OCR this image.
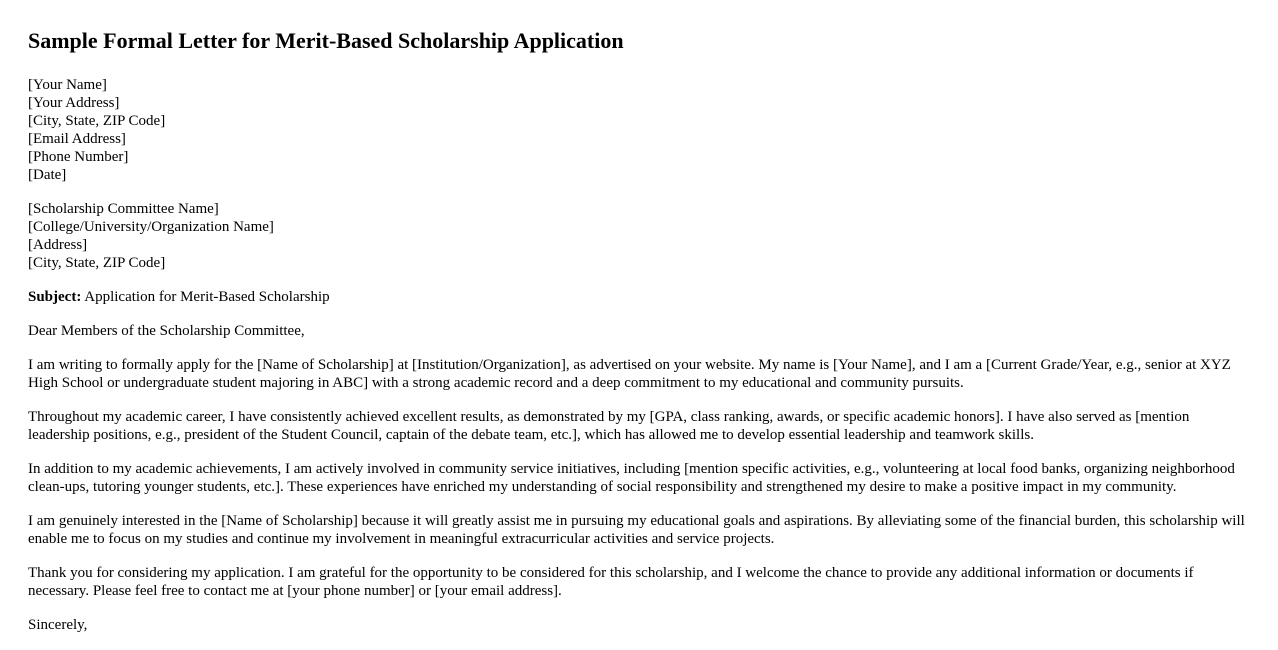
Sample Formal Letter for Merit-Based Scholarship Application
[Your Name]
[Your Address]
[City, State, ZIP Code]
[Email Address]
[Phone Number]
[Date]
[Scholarship Committee Name]
[College/University/Organization Name]
[Address]
[City, State, ZIP Code]

Subject: Application for Merit-Based Scholarship

Dear Members of the Scholarship Committee,

I am writing to formally apply for the [Name of Scholarship] at [Institution/Organization], as advertised on your website. My name is [Your Name], and I am a [Current Grade/Year, e.g., senior at XYZ High School or undergraduate student majoring in ABC] with a strong academic record and a deep commitment to my educational and community pursuits.

Throughout my academic career, I have consistently achieved excellent results, as demonstrated by my [GPA, class ranking, awards, or specific academic honors]. I have also served as [mention leadership positions, e.g., president of the Student Council, captain of the debate team, etc.], which has allowed me to develop essential leadership and teamwork skills.

In addition to my academic achievements, I am actively involved in community service initiatives, including [mention specific activities, e.g., volunteering at local food banks, organizing neighborhood clean-ups, tutoring younger students, etc.]. These experiences have enriched my understanding of social responsibility and strengthened my desire to make a positive impact in my community.

I am genuinely interested in the [Name of Scholarship] because it will greatly assist me in pursuing my educational goals and aspirations. By alleviating some of the financial burden, this scholarship will enable me to focus on my studies and continue my involvement in meaningful extracurricular activities and service projects.

Thank you for considering my application. I am grateful for the opportunity to be considered for this scholarship, and I welcome the chance to provide any additional information or documents if necessary. Please feel free to contact me at [your phone number] or [your email address].

Sincerely,
